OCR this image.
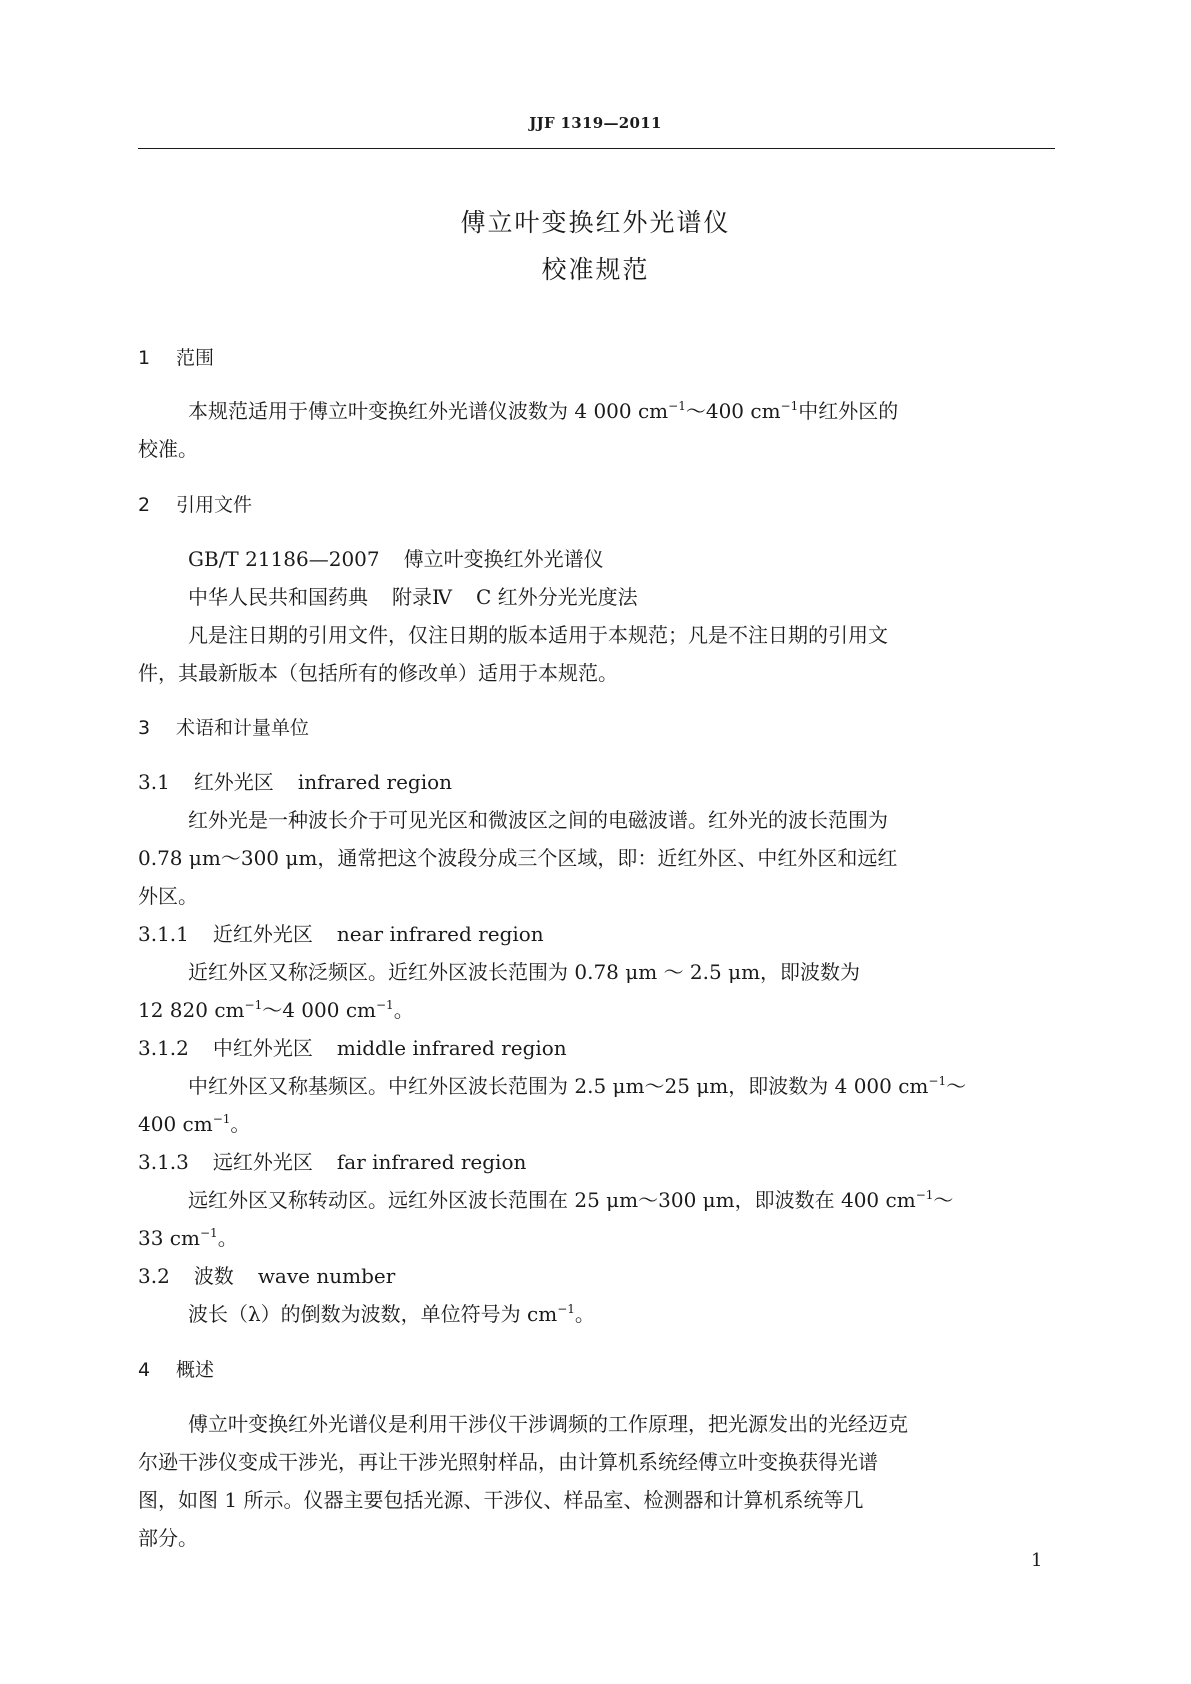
JJF 1319—2011
傅立叶变换红外光谱仪
校准规范
1 范围
本规范适用于傅立叶变换红外光谱仪波数为 4 000 $cm^{-1}\sim 400$ $cm^{-1}$中红外区的
校准。
2 引用文件
GB/T 21186—2007 傅立叶变换红外光谱仪
中华人民共和国药典 附录Ⅳ C 红外分光光度法
凡是注日期的引用文件，仅注日期的版本适用于本规范；凡是不注日期的引用文
件，其最新版本（包括所有的修改单）适用于本规范。
3 术语和计量单位
3.1 红外光区 infrared region
红外光是一种波长介于可见光区和微波区之间的电磁波谱。红外光的波长范围为
0.78 μm～300 μm，通常把这个波段分成三个区域，即：近红外区、中红外区和远红
外区。
3.1.1 近红外光区 near infrared region
近红外区又称泛频区。近红外区波长范围为 0.78 μm ～ 2.5 μm，即波数为
12 820 $cm^{-1}\sim 4$ 000 $cm^{-1}$。
3.1.2 中红外光区 middle infrared region
中红外区又称基频区。中红外区波长范围为 2.5 μm～25 μm，即波数为 4 000 $cm^{-1}\sim$
400 $cm^{-1}$。
3.1.3 远红外光区 far infrared region
远红外区又称转动区。远红外区波长范围在 25 μm～300 μm，即波数在 400 $cm^{-1}\sim$
33 $cm^{-1}$。
3.2 波数 wave number
波长（λ）的倒数为波数，单位符号为 $cm^{-1}$。
4 概述
傅立叶变换红外光谱仪是利用干涉仪干涉调频的工作原理，把光源发出的光经迈克
尔逊干涉仪变成干涉光，再让干涉光照射样品，由计算机系统经傅立叶变换获得光谱
图，如图 1 所示。仪器主要包括光源、干涉仪、样品室、检测器和计算机系统等几
部分。
1
